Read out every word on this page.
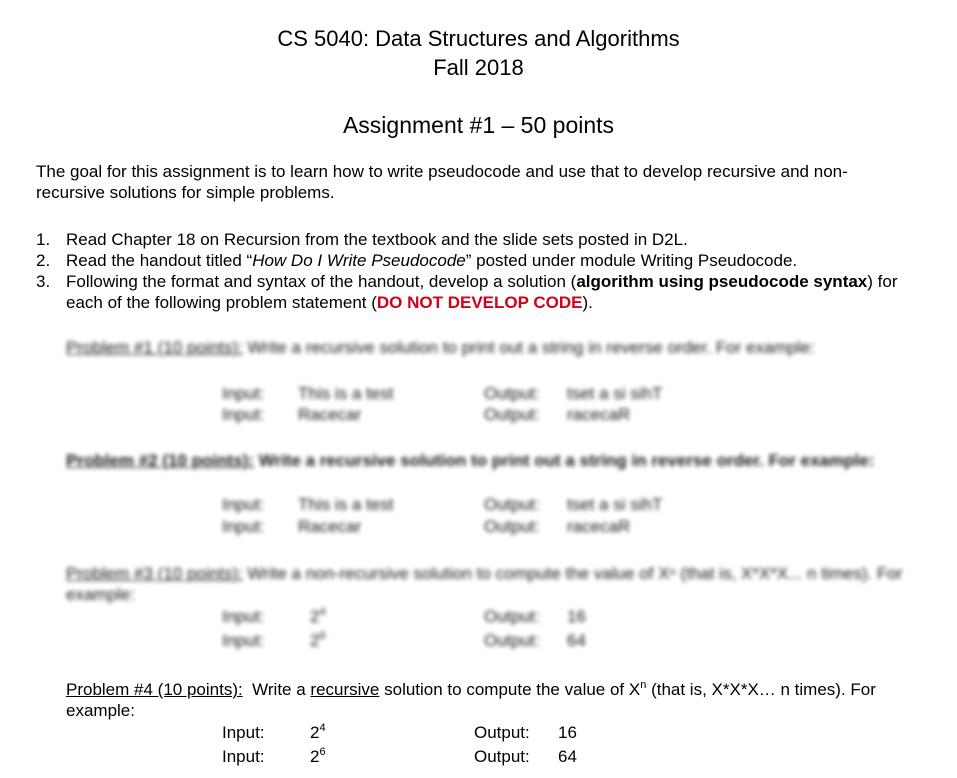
CS 5040: Data Structures and Algorithms
Fall 2018
Assignment #1 – 50 points
The goal for this assignment is to learn how to write pseudocode and use that to develop recursive and non-recursive solutions for simple problems.
1. Read Chapter 18 on Recursion from the textbook and the slide sets posted in D2L.
2. Read the handout titled “How Do I Write Pseudocode” posted under module Writing Pseudocode.
3. Following the format and syntax of the handout, develop a solution (algorithm using pseudocode syntax) for each of the following problem statement (DO NOT DEVELOP CODE).
Problem #1 (10 points): Write a recursive solution to print out a string in reverse order. For example:
Input: This is a test	Output: tset a si sihT
Input: Racecar	Output: racecaR
Problem #2 (10 points): Write a recursive solution to print out a string in reverse order. For example:
Input: This is a test	Output: tset a si sihT
Input: Racecar	Output: racecaR
Problem #3 (10 points): Write a non-recursive solution to compute the value of Xⁿ (that is, X*X*X... n times). For example:
Input:	$2^4$	Output: 16
Input:	$2^6$	Output: 64
Problem #4 (10 points): Write a recursive solution to compute the value of $X^n$ (that is, X*X*X… n times). For example:
Input:	$2^4$	Output: 16
Input:	$2^6$	Output: 64
